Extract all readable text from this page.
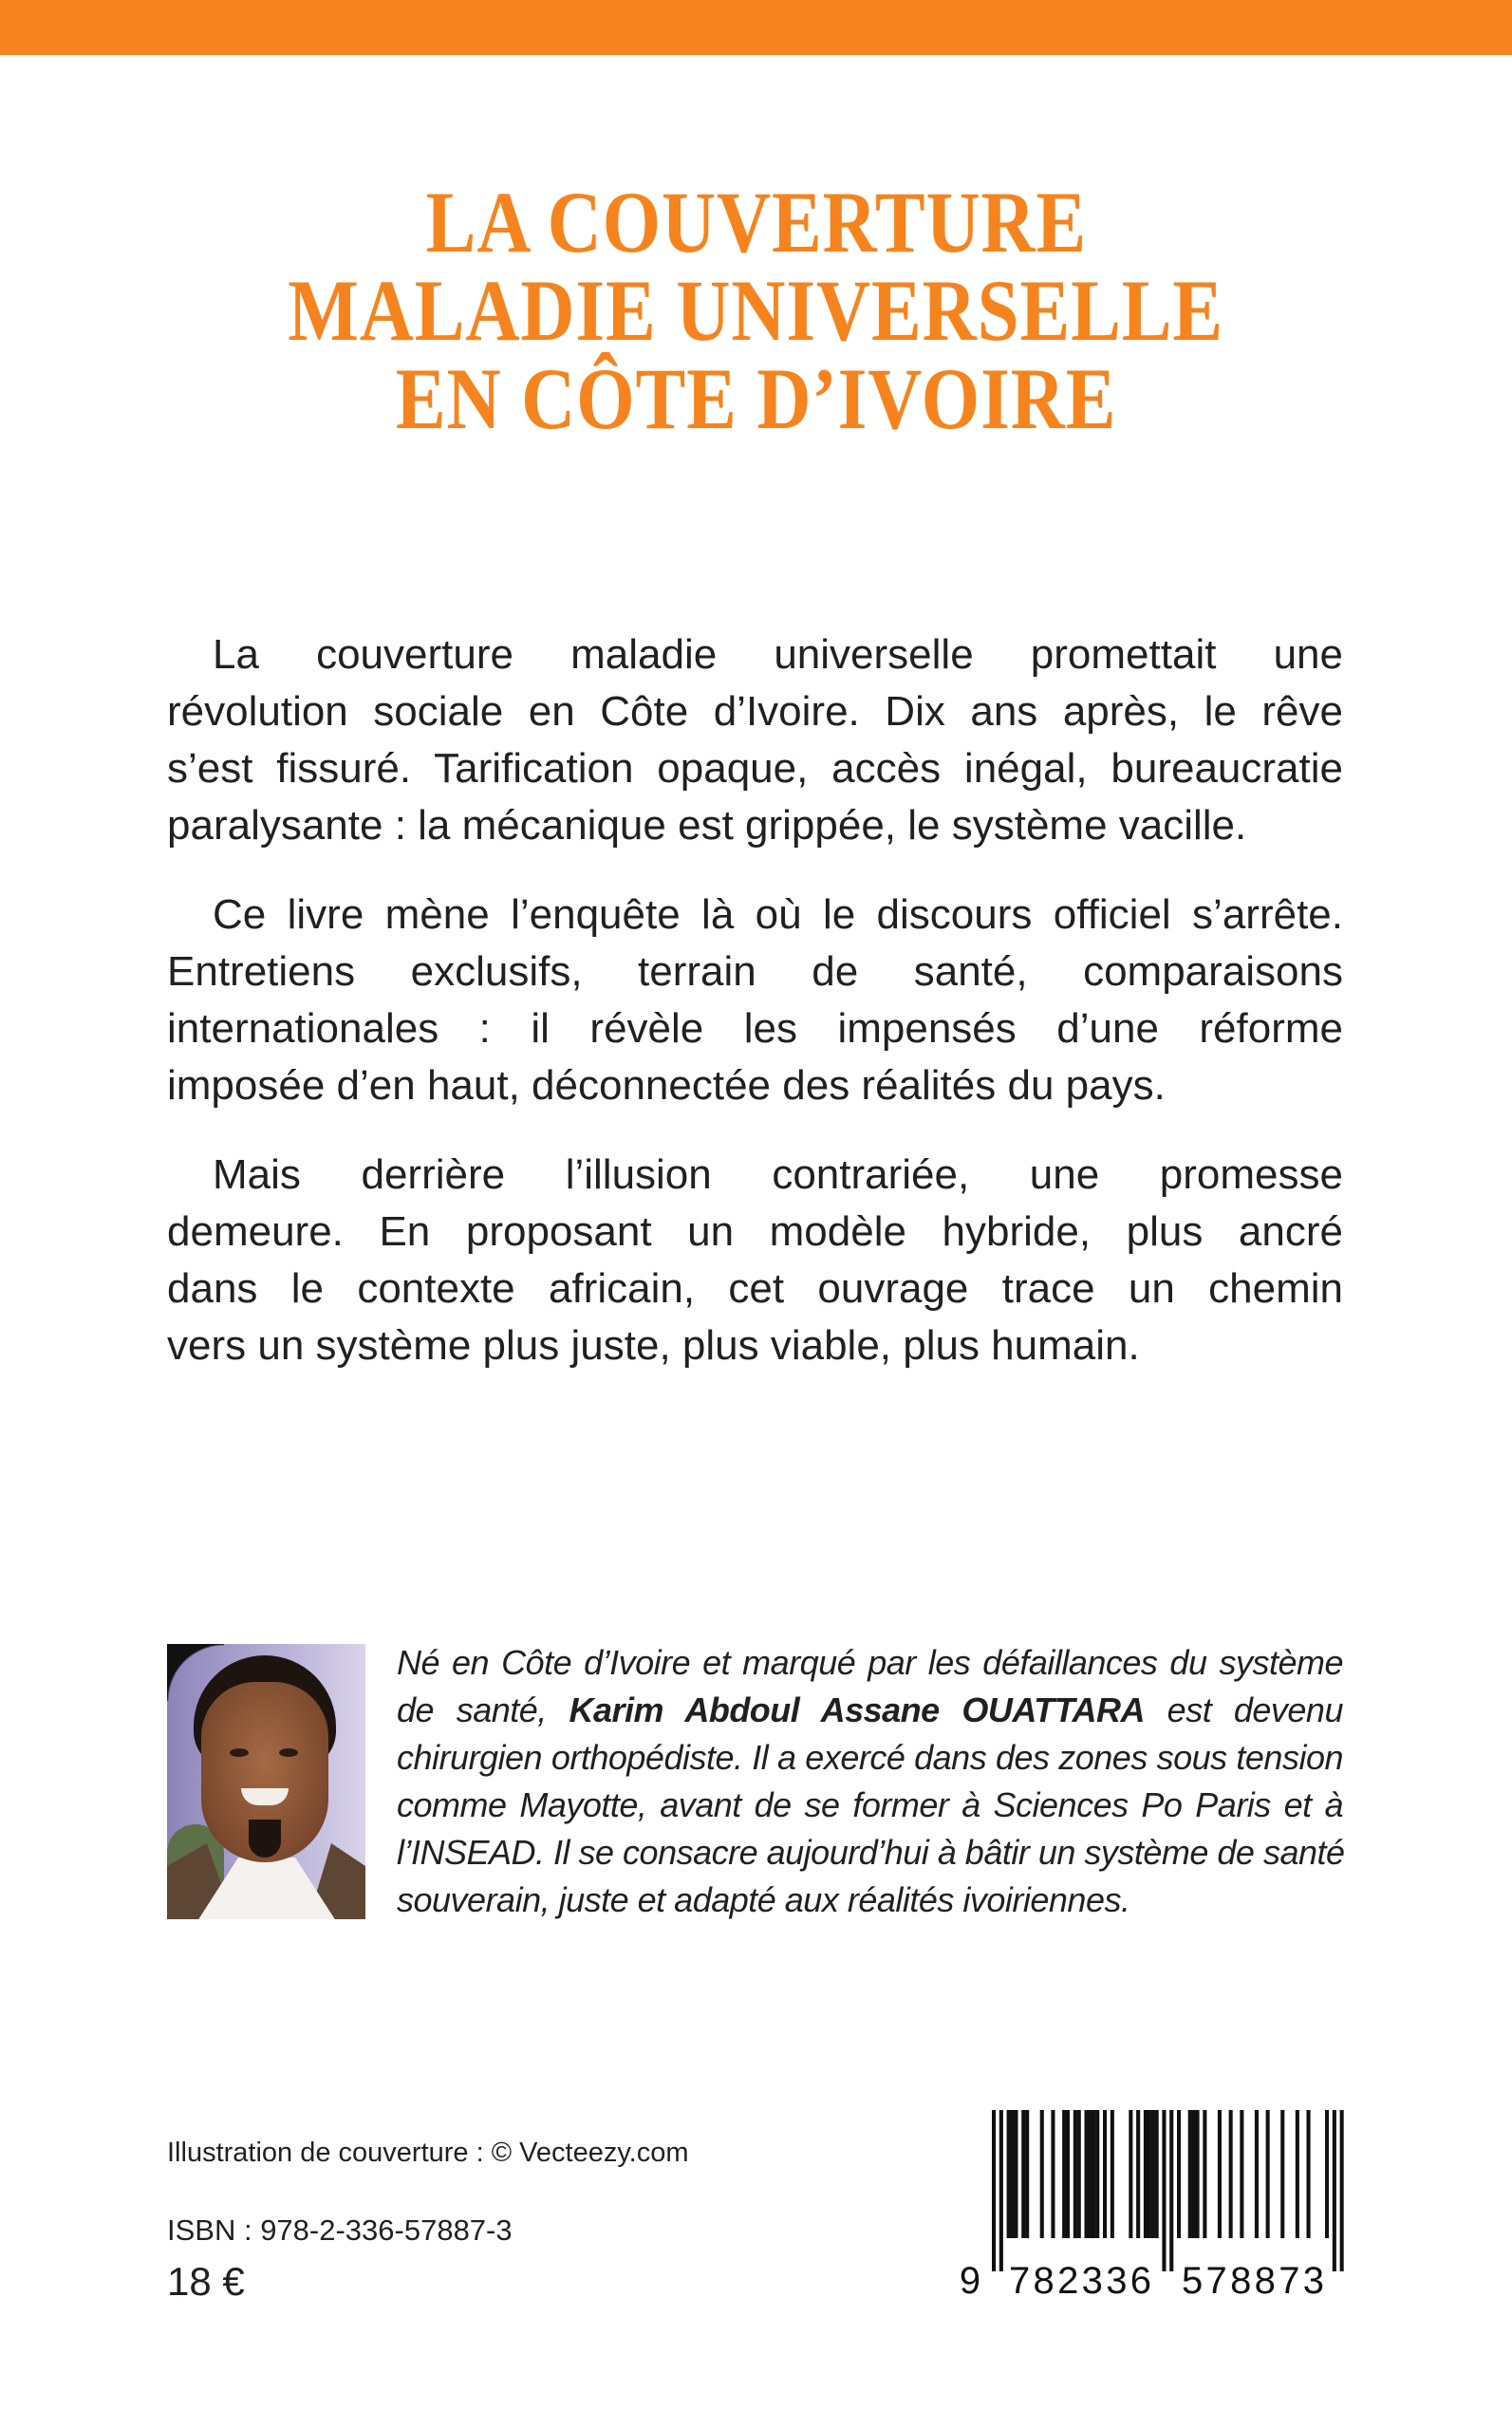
LA COUVERTURE
MALADIE UNIVERSELLE
EN CÔTE D’IVOIRE
La couverture maladie universelle promettait une
révolution sociale en Côte d’Ivoire. Dix ans après, le rêve
s’est fissuré. Tarification opaque, accès inégal, bureaucratie
paralysante : la mécanique est grippée, le système vacille.
Ce livre mène l’enquête là où le discours officiel s’arrête.
Entretiens exclusifs, terrain de santé, comparaisons
internationales : il révèle les impensés d’une réforme
imposée d’en haut, déconnectée des réalités du pays.
Mais derrière l’illusion contrariée, une promesse
demeure. En proposant un modèle hybride, plus ancré
dans le contexte africain, cet ouvrage trace un chemin
vers un système plus juste, plus viable, plus humain.
Né en Côte d’Ivoire et marqué par les défaillances du système
de santé, Karim Abdoul Assane OUATTARA est devenu
chirurgien orthopédiste. Il a exercé dans des zones sous tension
comme Mayotte, avant de se former à Sciences Po Paris et à
l’INSEAD. Il se consacre aujourd’hui à bâtir un système de santé
souverain, juste et adapté aux réalités ivoiriennes.
Illustration de couverture : © Vecteezy.com
ISBN : 978-2-336-57887-3
18 €	9 782336 578873
